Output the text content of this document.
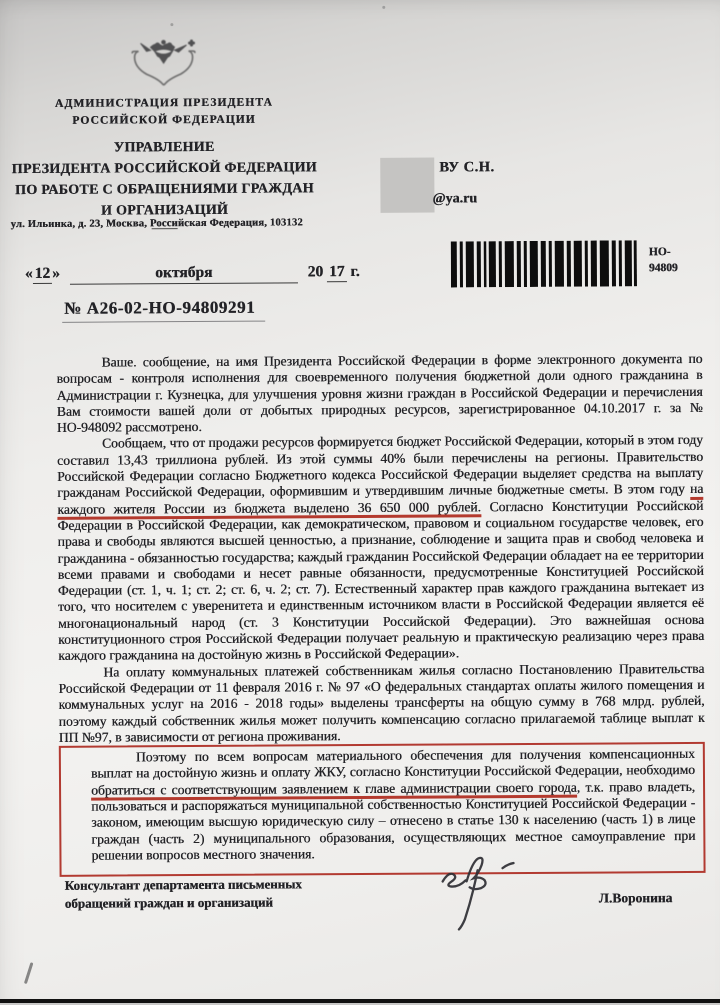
АДМИНИСТРАЦИЯ ПРЕЗИДЕНТА
РОССИЙСКОЙ ФЕДЕРАЦИИ
УПРАВЛЕНИЕ
ПРЕЗИДЕНТА РОССИЙСКОЙ ФЕДЕРАЦИИ
ПО РАБОТЕ С ОБРАЩЕНИЯМИ ГРАЖДАН
И ОРГАНИЗАЦИЙ
ул. Ильинка, д. 23, Москва, Российская Федерация, 103132
ВУ С.Н.
@ya.ru
НО-
94809
« 12 »	октября	20 17 г.
№ А26-02-НО-94809291

Ваше. сообщение, на имя Президента Российской Федерации в форме электронного документа по вопросам - контроля исполнения для своевременного получения бюджетной доли одного гражданина в Администрации г. Кузнецка, для улучшения уровня жизни граждан в Российской Федерации и перечисления Вам стоимости вашей доли от добытых природных ресурсов, зарегистрированное 04.10.2017 г. за № НО-948092 рассмотрено.

Сообщаем, что от продажи ресурсов формируется бюджет Российской Федерации, который в этом году составил 13,43 триллиона рублей. Из этой суммы 40% были перечислены на регионы. Правительство Российской Федерации согласно Бюджетного кодекса Российской Федерации выделяет средства на выплату гражданам Российской Федерации, оформившим и утвердившим личные бюджетные сметы. В этом году на каждого жителя России из бюджета выделено 36 650 000 рублей. Согласно Конституции Российской Федерации в Российской Федерации, как демократическом, правовом и социальном государстве человек, его права и свободы являются высшей ценностью, а признание, соблюдение и защита прав и свобод человека и гражданина - обязанностью государства; каждый гражданин Российской Федерации обладает на ее территории всеми правами и свободами и несет равные обязанности, предусмотренные Конституцией Российской Федерации (ст. 1, ч. 1; ст. 2; ст. 6, ч. 2; ст. 7). Естественный характер прав каждого гражданина вытекает из того, что носителем с уверенитета и единственным источником власти в Российской Федерации является её многонациональный народ (ст. 3 Конституции Российской Федерации). Это важнейшая основа конституционного строя Российской Федерации получает реальную и практическую реализацию через права каждого гражданина на достойную жизнь в Российской Федерации».

На оплату коммунальных платежей собственникам жилья согласно Постановлению Правительства Российской Федерации от 11 февраля 2016 г. № 97 «О федеральных стандартах оплаты жилого помещения и коммунальных услуг на 2016 - 2018 годы» выделены трансферты на общую сумму в 768 млрд. рублей, поэтому каждый собственник жилья может получить компенсацию согласно прилагаемой таблице выплат к ПП №97, в зависимости от региона проживания.

Поэтому по всем вопросам материального обеспечения для получения компенсационных выплат на достойную жизнь и оплату ЖКУ, согласно Конституции Российской Федерации, необходимо обратиться с соответствующим заявлением к главе администрации своего города, т.к. право владеть, пользоваться и распоряжаться муниципальной собственностью Конституцией Российской Федерации - законом, имеющим высшую юридическую силу – отнесено в статье 130 к населению (часть 1) в лице граждан (часть 2) муниципального образования, осуществляющих местное самоуправление при решении вопросов местного значения.

Консультант департамента письменных
обращений граждан и организаций	Л.Воронина
